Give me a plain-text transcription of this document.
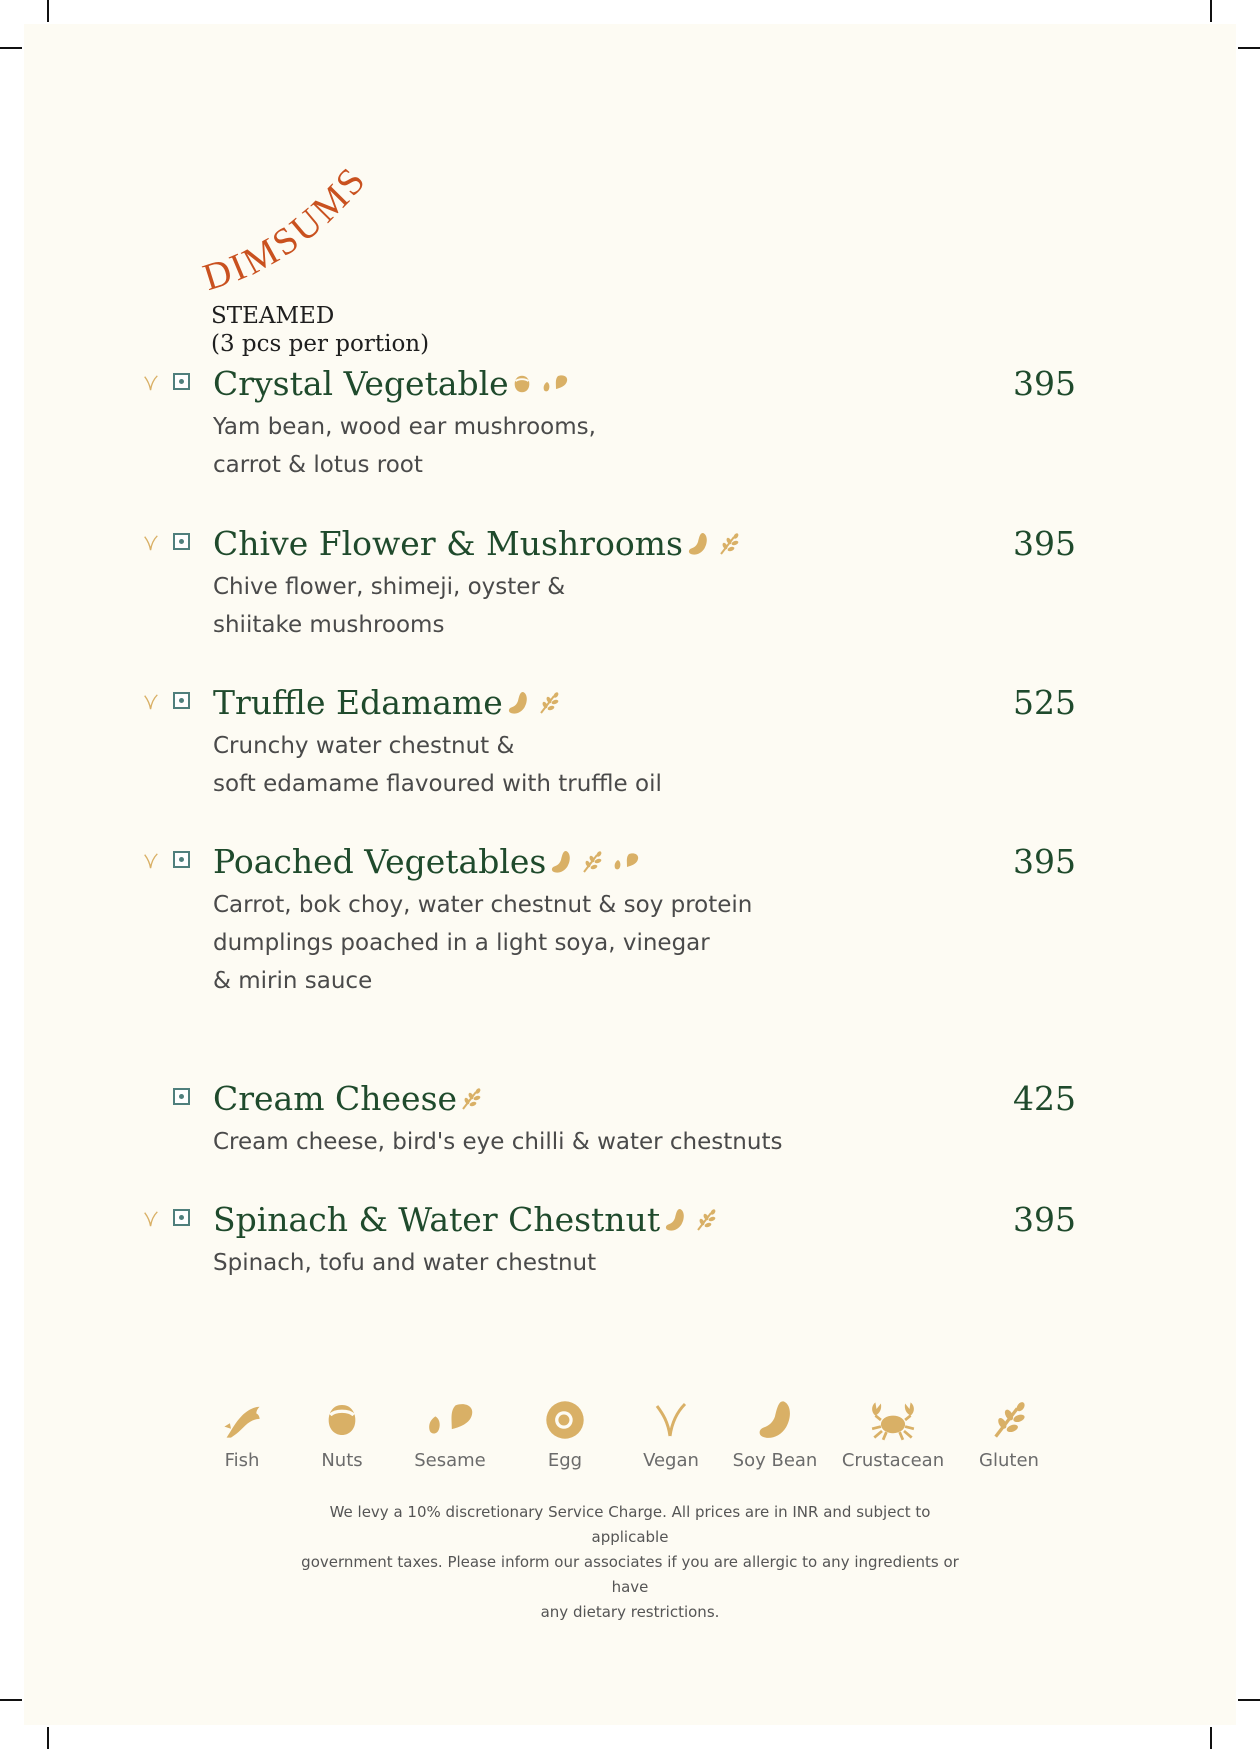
DIMSUMS
STEAMED
(3 pcs per portion)
Crystal Vegetable	395
Yam bean, wood ear mushrooms,
carrot & lotus root
Chive Flower & Mushrooms	395
Chive flower, shimeji, oyster &
shiitake mushrooms
Truffle Edamame	525
Crunchy water chestnut &
soft edamame flavoured with truffle oil
Poached Vegetables	395
Carrot, bok choy, water chestnut & soy protein
dumplings poached in a light soya, vinegar
& mirin sauce
Cream Cheese	425
Cream cheese, bird's eye chilli & water chestnuts
Spinach & Water Chestnut	395
Spinach, tofu and water chestnut
Fish	Nuts	Sesame	Egg	Vegan	Soy Bean	Crustacean	Gluten
We levy a 10% discretionary Service Charge. All prices are in INR and subject to applicable
government taxes. Please inform our associates if you are allergic to any ingredients or have
any dietary restrictions.
